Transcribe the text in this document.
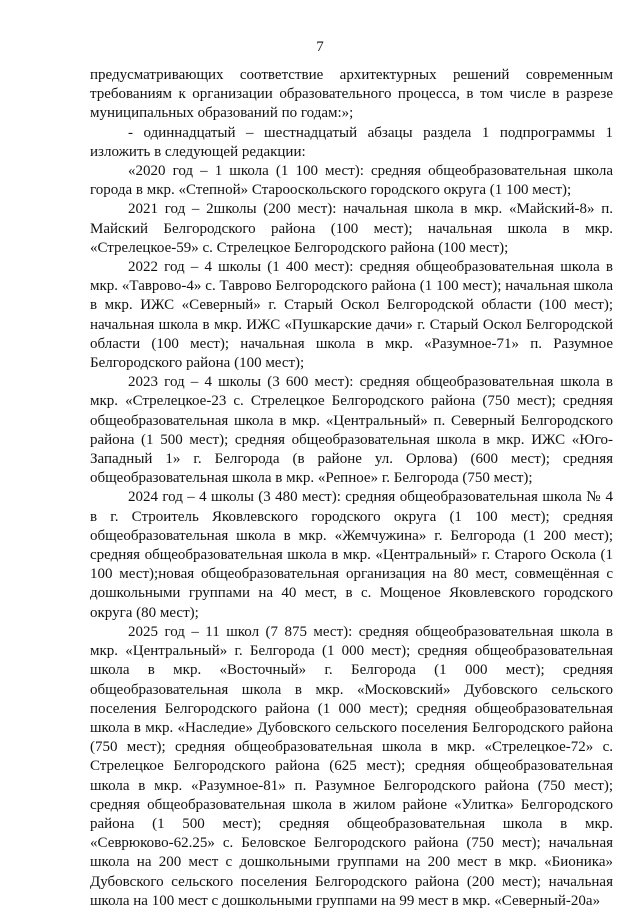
7

предусматривающих соответствие архитектурных решений современным требованиям к организации образовательного процесса, в том числе в разрезе муниципальных образований по годам:»;

- одиннадцатый – шестнадцатый абзацы раздела 1 подпрограммы 1 изложить в следующей редакции:

«2020 год – 1 школа (1 100 мест): средняя общеобразовательная школа города в мкр. «Степной» Старооскольского городского округа (1 100 мест);

2021 год – 2школы (200 мест): начальная школа в мкр. «Майский-8» п. Майский Белгородского района (100 мест); начальная школа в мкр. «Стрелецкое-59» с. Стрелецкое Белгородского района (100 мест);

2022 год – 4 школы (1 400 мест): средняя общеобразовательная школа в мкр. «Таврово-4» с. Таврово Белгородского района (1 100 мест); начальная школа в мкр. ИЖС «Северный» г. Старый Оскол Белгородской области (100 мест); начальная школа в мкр. ИЖС «Пушкарские дачи» г. Старый Оскол Белгородской области (100 мест); начальная школа в мкр. «Разумное-71» п. Разумное Белгородского района (100 мест);

2023 год – 4 школы (3 600 мест): средняя общеобразовательная школа в мкр. «Стрелецкое-23 с. Стрелецкое Белгородского района (750 мест); средняя общеобразовательная школа в мкр. «Центральный» п. Северный Белгородского района (1 500 мест); средняя общеобразовательная школа в мкр. ИЖС «Юго-Западный 1» г. Белгорода (в районе ул. Орлова) (600 мест); средняя общеобразовательная школа в мкр. «Репное» г. Белгорода (750 мест);

2024 год – 4 школы (3 480 мест): средняя общеобразовательная школа № 4 в г. Строитель Яковлевского городского округа (1 100 мест); средняя общеобразовательная школа в мкр. «Жемчужина» г. Белгорода (1 200 мест); средняя общеобразовательная школа в мкр. «Центральный» г. Старого Оскола (1 100 мест);новая общеобразовательная организация на 80 мест, совмещённая с дошкольными группами на 40 мест, в с. Мощеное Яковлевского городского округа (80 мест);

2025 год – 11 школ (7 875 мест): средняя общеобразовательная школа в мкр. «Центральный» г. Белгорода (1 000 мест); средняя общеобразовательная школа в мкр. «Восточный» г. Белгорода (1 000 мест); средняя общеобразовательная школа в мкр. «Московский» Дубовского сельского поселения Белгородского района (1 000 мест); средняя общеобразовательная школа в мкр. «Наследие» Дубовского сельского поселения Белгородского района (750 мест); средняя общеобразовательная школа в мкр. «Стрелецкое-72» с. Стрелецкое Белгородского района (625 мест); средняя общеобразовательная школа в мкр. «Разумное-81» п. Разумное Белгородского района (750 мест); средняя общеобразовательная школа в жилом районе «Улитка» Белгородского района (1 500 мест); средняя общеобразовательная школа в мкр. «Севрюково-62.25» с. Беловское Белгородского района (750 мест); начальная школа на 200 мест с дошкольными группами на 200 мест в мкр. «Бионика» Дубовского сельского поселения Белгородского района (200 мест); начальная школа на 100 мест с дошкольными группами на 99 мест в мкр. «Северный-20а»
